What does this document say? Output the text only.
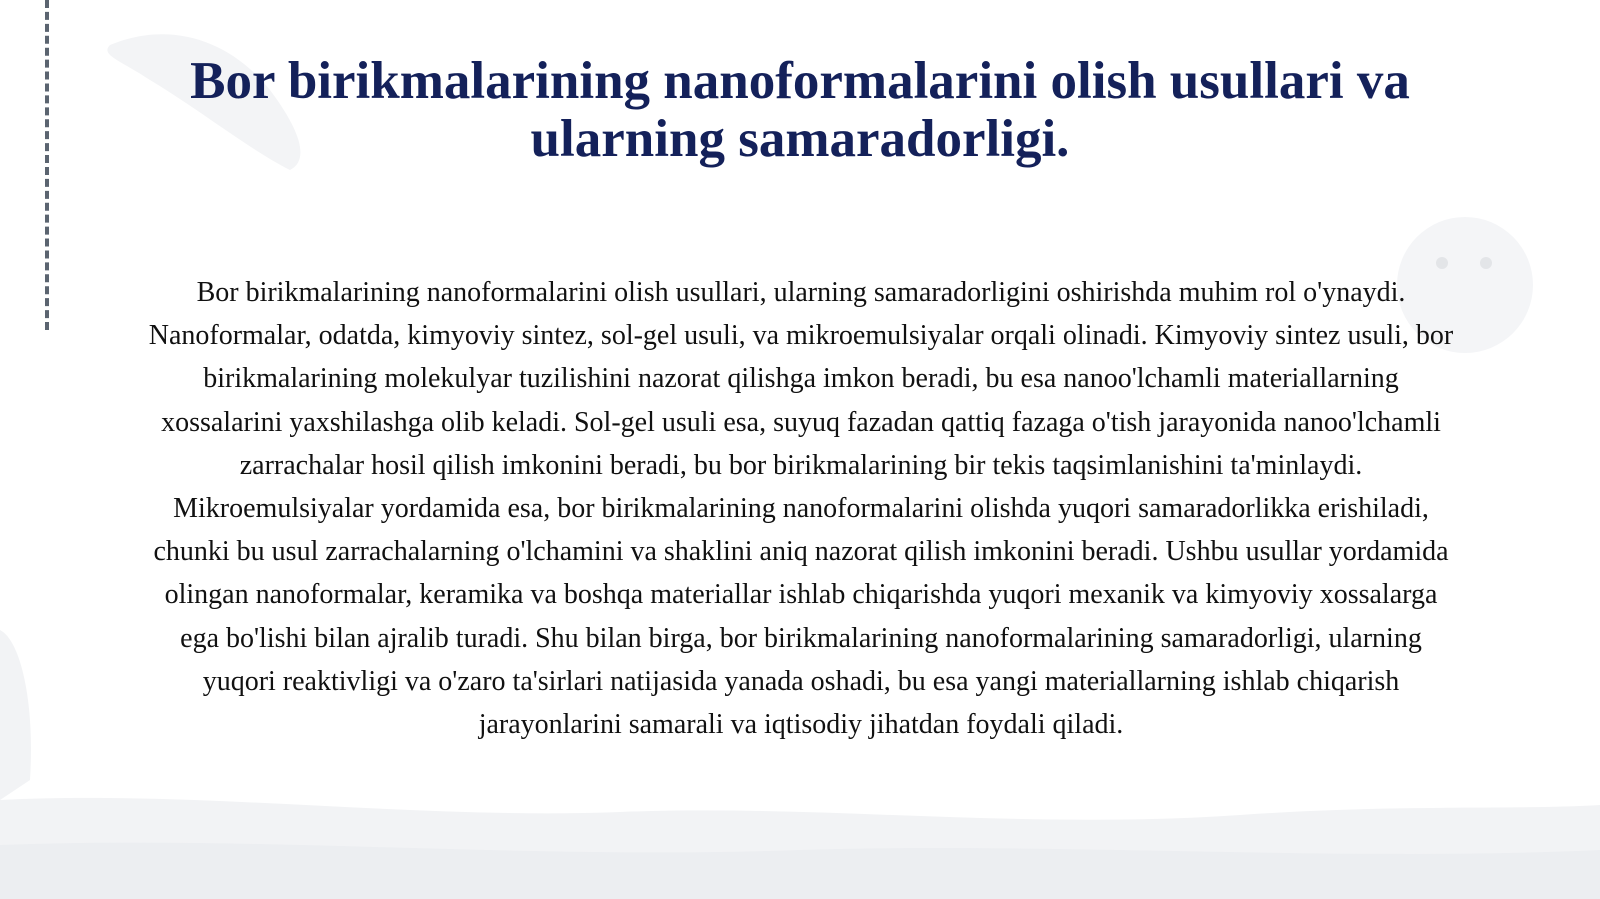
Bor birikmalarining nanoformalarini olish usullari va ularning samaradorligi.

Bor birikmalarining nanoformalarini olish usullari, ularning samaradorligini oshirishda muhim rol o'ynaydi. Nanoformalar, odatda, kimyoviy sintez, sol-gel usuli, va mikroemulsiyalar orqali olinadi. Kimyoviy sintez usuli, bor birikmalarining molekulyar tuzilishini nazorat qilishga imkon beradi, bu esa nanoo'lchamli materiallarning xossalarini yaxshilashga olib keladi. Sol-gel usuli esa, suyuq fazadan qattiq fazaga o'tish jarayonida nanoo'lchamli zarrachalar hosil qilish imkonini beradi, bu bor birikmalarining bir tekis taqsimlanishini ta'minlaydi. Mikroemulsiyalar yordamida esa, bor birikmalarining nanoformalarini olishda yuqori samaradorlikka erishiladi, chunki bu usul zarrachalarning o'lchamini va shaklini aniq nazorat qilish imkonini beradi. Ushbu usullar yordamida olingan nanoformalar, keramika va boshqa materiallar ishlab chiqarishda yuqori mexanik va kimyoviy xossalarga ega bo'lishi bilan ajralib turadi. Shu bilan birga, bor birikmalarining nanoformalarining samaradorligi, ularning yuqori reaktivligi va o'zaro ta'sirlari natijasida yanada oshadi, bu esa yangi materiallarning ishlab chiqarish jarayonlarini samarali va iqtisodiy jihatdan foydali qiladi.
